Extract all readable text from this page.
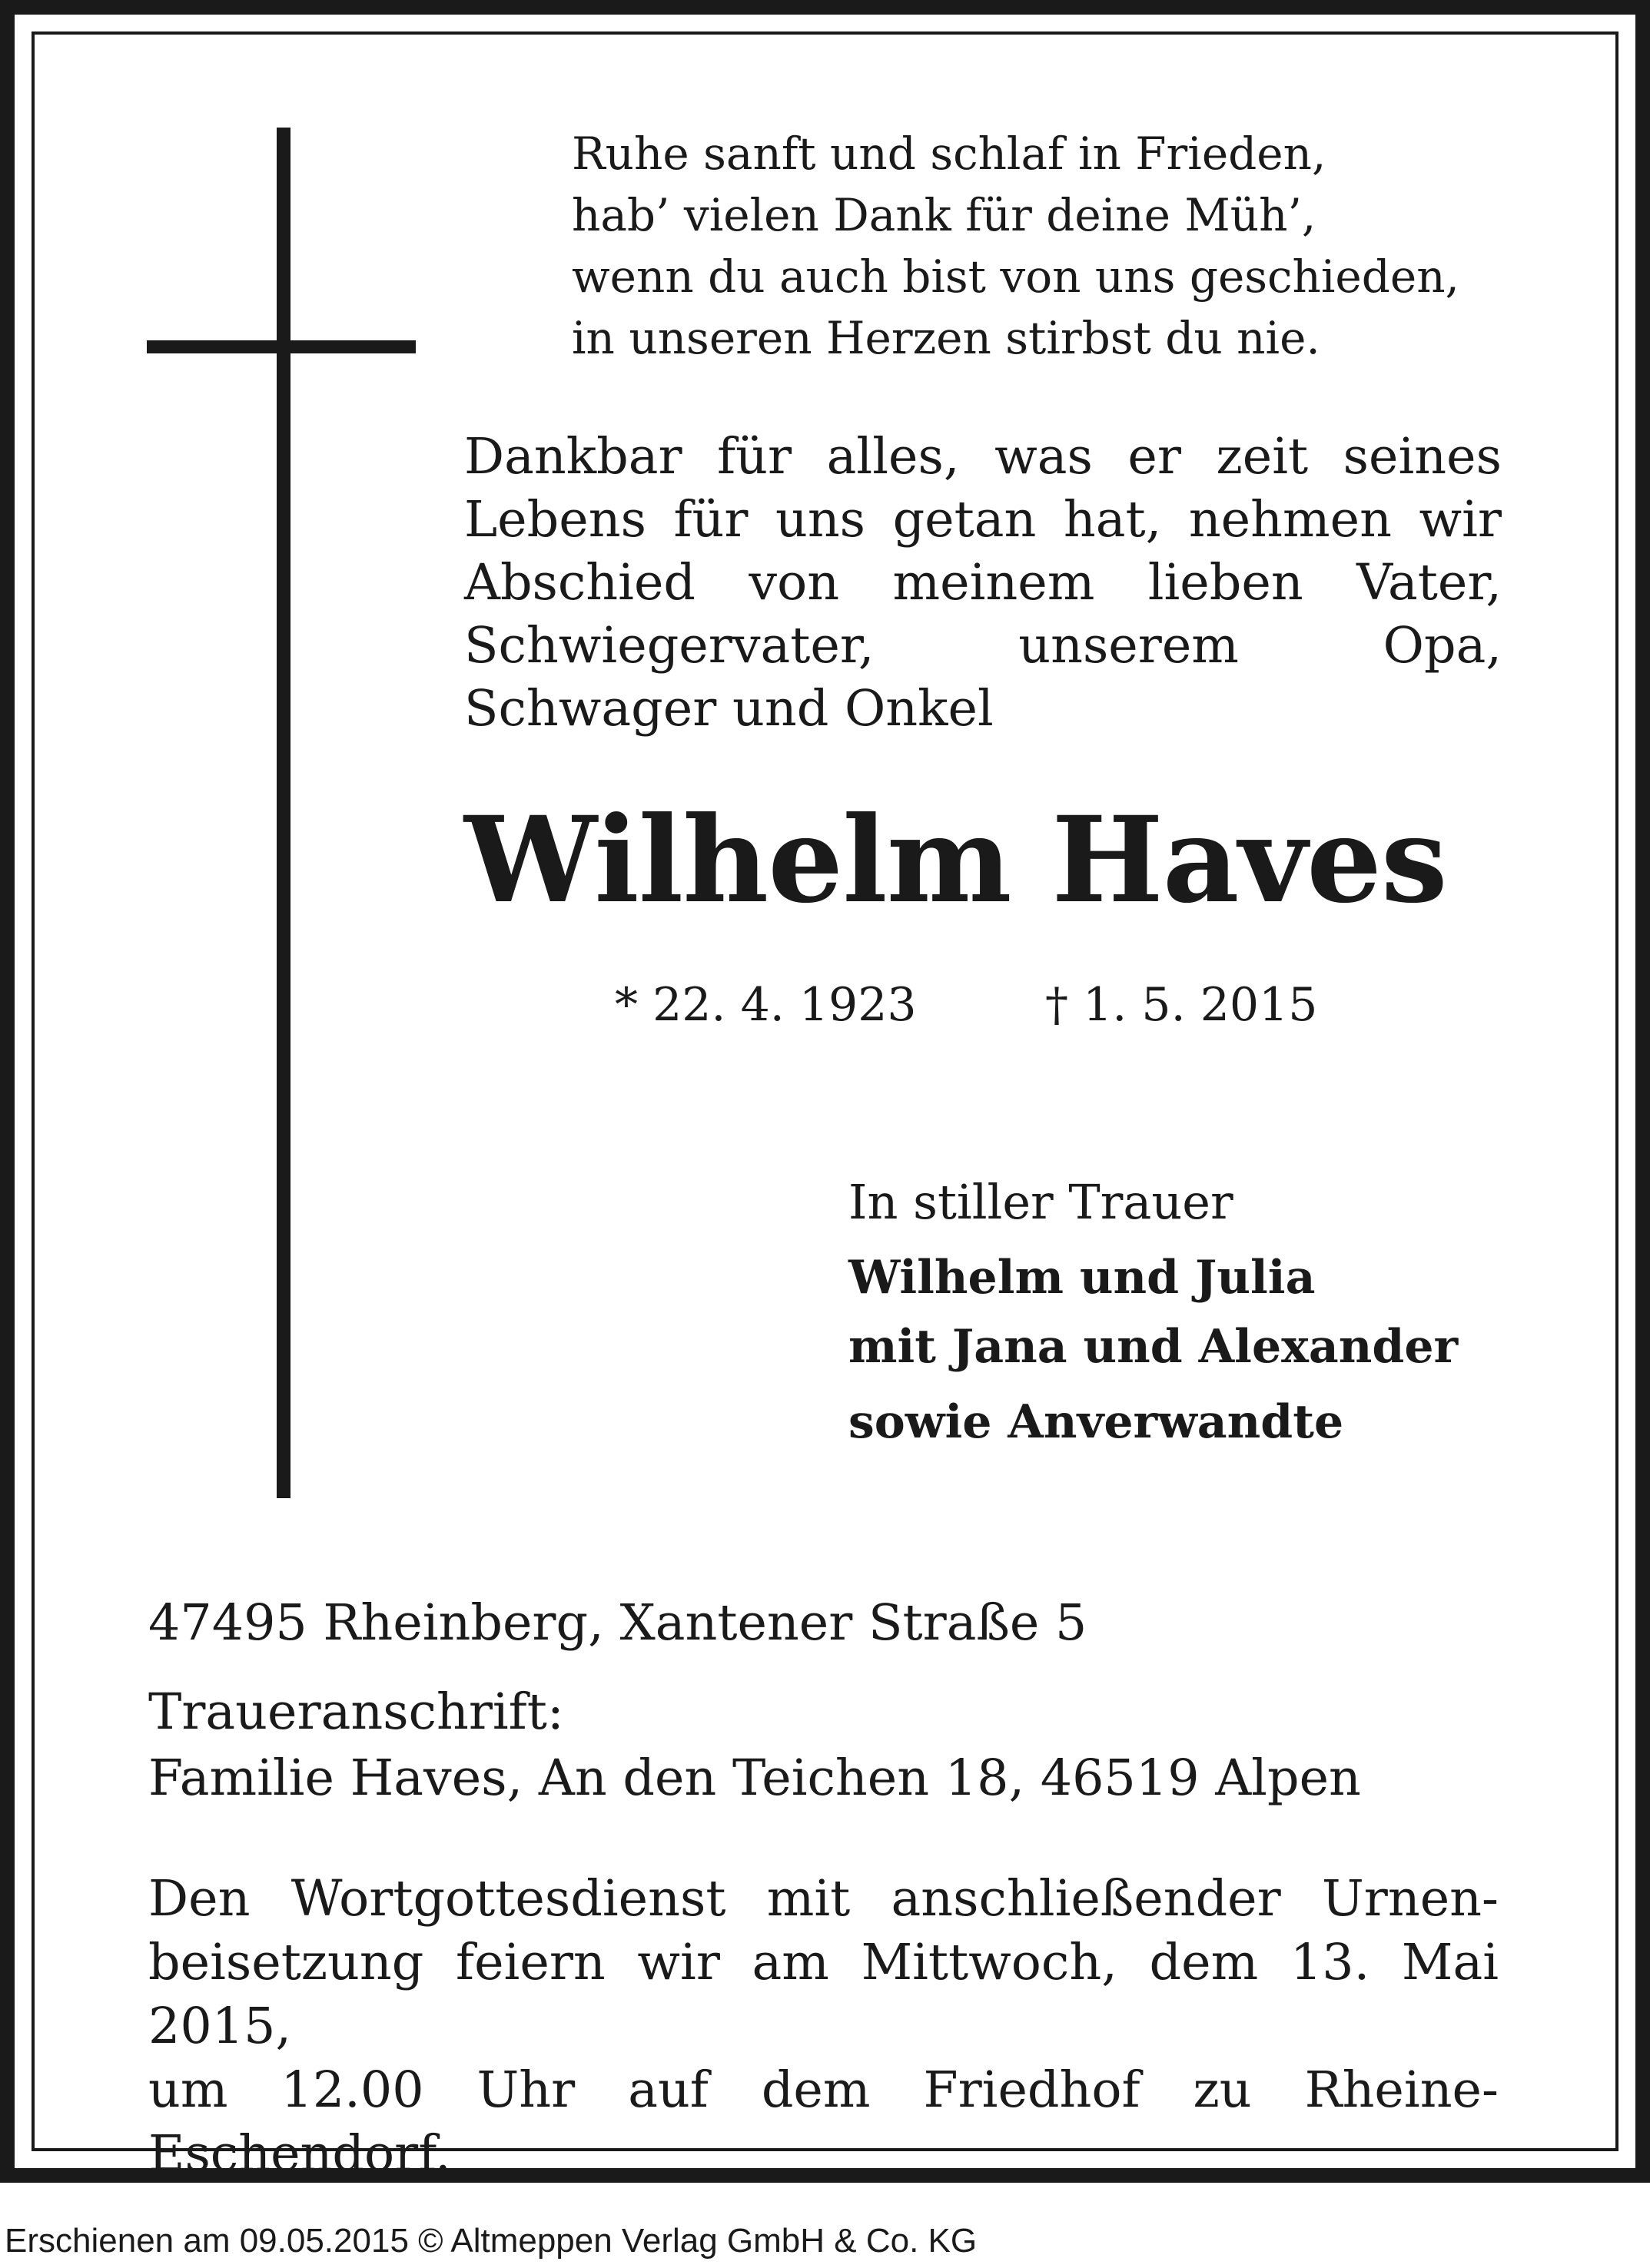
Ruhe sanft und schlaf in Frieden,
hab’ vielen Dank für deine Müh’,
wenn du auch bist von uns geschieden,
in unseren Herzen stirbst du nie.
Dankbar für alles, was er zeit seines Lebens für uns getan hat, nehmen wir Abschied von meinem lieben Vater, Schwiegervater, unserem Opa, Schwager und Onkel
Wilhelm Haves
* 22. 4. 1923	† 1. 5. 2015
In stiller Trauer
Wilhelm und Julia
mit Jana und Alexander
sowie Anverwandte
47495 Rheinberg, Xantener Straße 5
Traueranschrift:
Familie Haves, An den Teichen 18, 46519 Alpen
Den Wortgottesdienst mit anschließender Urnen-
beisetzung feiern wir am Mittwoch, dem 13. Mai 2015,
um 12.00 Uhr auf dem Friedhof zu Rheine-Eschendorf.
Erschienen am 09.05.2015 © Altmeppen Verlag GmbH & Co. KG
